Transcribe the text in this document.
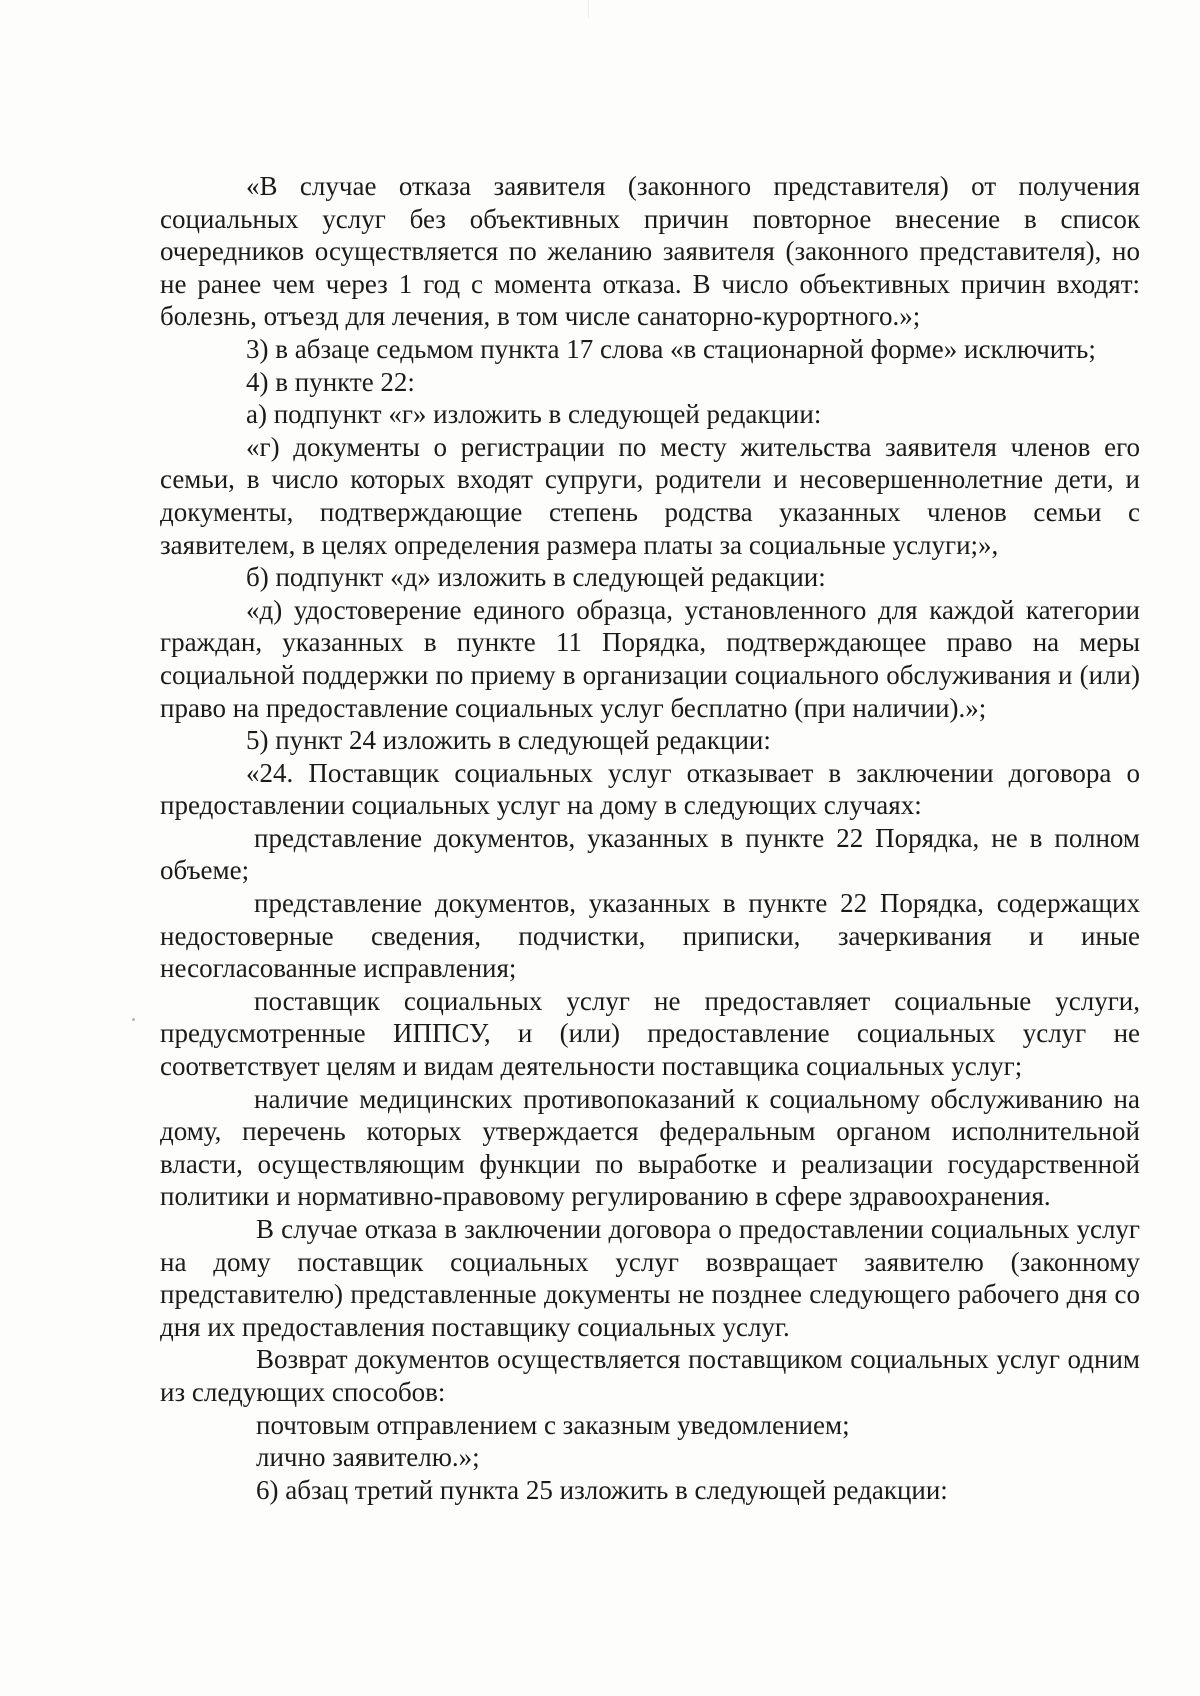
«В случае отказа заявителя (законного представителя) от получения социальных услуг без объективных причин повторное внесение в список очередников осуществляется по желанию заявителя (законного представителя), но не ранее чем через 1 год с момента отказа. В число объективных причин входят: болезнь, отъезд для лечения, в том числе санаторно-курортного.»;

3) в абзаце седьмом пункта 17 слова «в стационарной форме» исключить;

4) в пункте 22:

а) подпункт «г» изложить в следующей редакции:

«г) документы о регистрации по месту жительства заявителя членов его семьи, в число которых входят супруги, родители и несовершеннолетние дети, и документы, подтверждающие степень родства указанных членов семьи с заявителем, в целях определения размера платы за социальные услуги;»,

б) подпункт «д» изложить в следующей редакции:

«д) удостоверение единого образца, установленного для каждой категории граждан, указанных в пункте 11 Порядка, подтверждающее право на меры социальной поддержки по приему в организации социального обслуживания и (или) право на предоставление социальных услуг бесплатно (при наличии).»;

5) пункт 24 изложить в следующей редакции:

«24. Поставщик социальных услуг отказывает в заключении договора о предоставлении социальных услуг на дому в следующих случаях:

представление документов, указанных в пункте 22 Порядка, не в полном объеме;

представление документов, указанных в пункте 22 Порядка, содержащих недостоверные сведения, подчистки, приписки, зачеркивания и иные несогласованные исправления;

поставщик социальных услуг не предоставляет социальные услуги, предусмотренные ИППСУ, и (или) предоставление социальных услуг не соответствует целям и видам деятельности поставщика социальных услуг;

наличие медицинских противопоказаний к социальному обслуживанию на дому, перечень которых утверждается федеральным органом исполнительной власти, осуществляющим функции по выработке и реализации государственной политики и нормативно-правовому регулированию в сфере здравоохранения.

В случае отказа в заключении договора о предоставлении социальных услуг на дому поставщик социальных услуг возвращает заявителю (законному представителю) представленные документы не позднее следующего рабочего дня со дня их предоставления поставщику социальных услуг.

Возврат документов осуществляется поставщиком социальных услуг одним из следующих способов:

почтовым отправлением с заказным уведомлением;

лично заявителю.»;

6) абзац третий пункта 25 изложить в следующей редакции:
